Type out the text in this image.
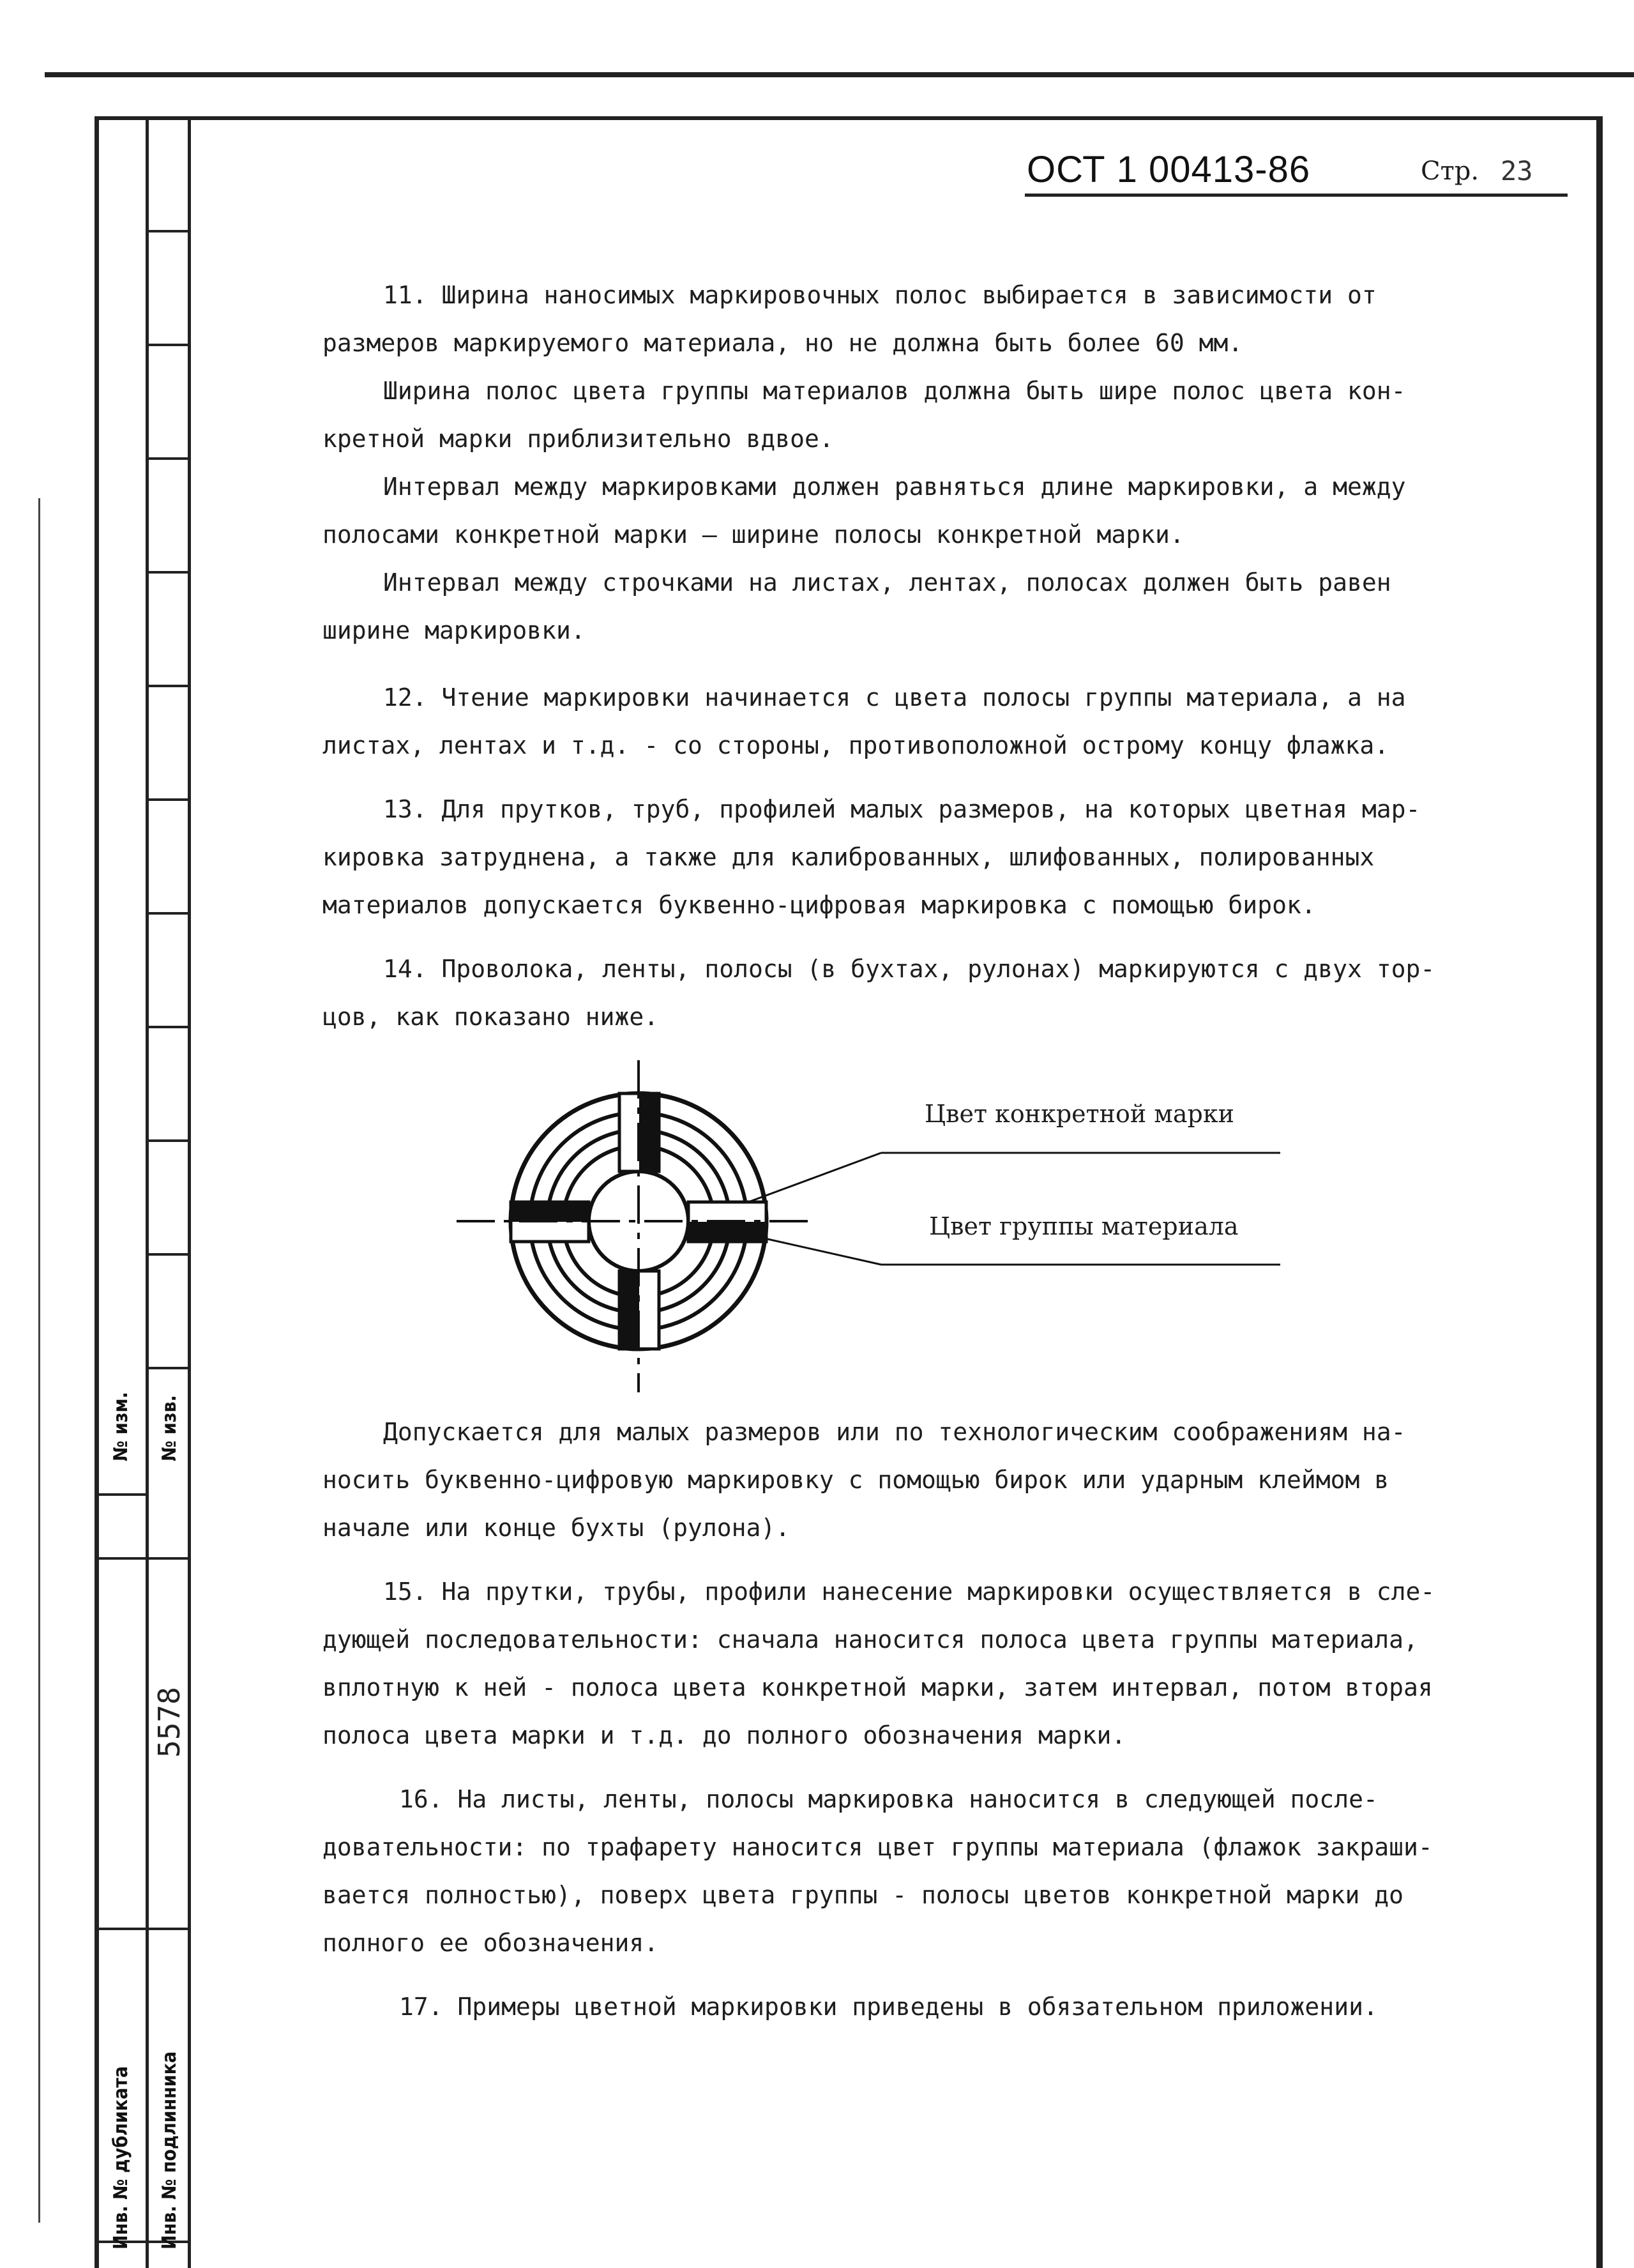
№ изм. № изв.
5578
Инв. № дубликата Инв. № подлинника
ОСТ 1 00413-86	Стр. 23
11. Ширина наносимых маркировочных полос выбирается в зависимости от
размеров маркируемого материала, но не должна быть более 60 мм.
Ширина полос цвета группы материалов должна быть шире полос цвета кон-
кретной марки приблизительно вдвое.
Интервал между маркировками должен равняться длине маркировки, а между
полосами конкретной марки – ширине полосы конкретной марки.
Интервал между строчками на листах, лентах, полосах должен быть равен
ширине маркировки.
12. Чтение маркировки начинается с цвета полосы группы материала, а на
листах, лентах и т.д. - со стороны, противоположной острому концу флажка.
13. Для прутков, труб, профилей малых размеров, на которых цветная мар-
кировка затруднена, а также для калиброванных, шлифованных, полированных
материалов допускается буквенно-цифровая маркировка с помощью бирок.
14. Проволока, ленты, полосы (в бухтах, рулонах) маркируются с двух тор-
цов, как показано ниже.
Цвет конкретной марки
Цвет группы материала
Допускается для малых размеров или по технологическим соображениям на-
носить буквенно-цифровую маркировку с помощью бирок или ударным клеймом в
начале или конце бухты (рулона).
15. На прутки, трубы, профили нанесение маркировки осуществляется в сле-
дующей последовательности: сначала наносится полоса цвета группы материала,
вплотную к ней - полоса цвета конкретной марки, затем интервал, потом вторая
полоса цвета марки и т.д. до полного обозначения марки.
16. На листы, ленты, полосы маркировка наносится в следующей после-
довательности: по трафарету наносится цвет группы материала (флажок закраши-
вается полностью), поверх цвета группы - полосы цветов конкретной марки до
полного ее обозначения.
17. Примеры цветной маркировки приведены в обязательном приложении.
